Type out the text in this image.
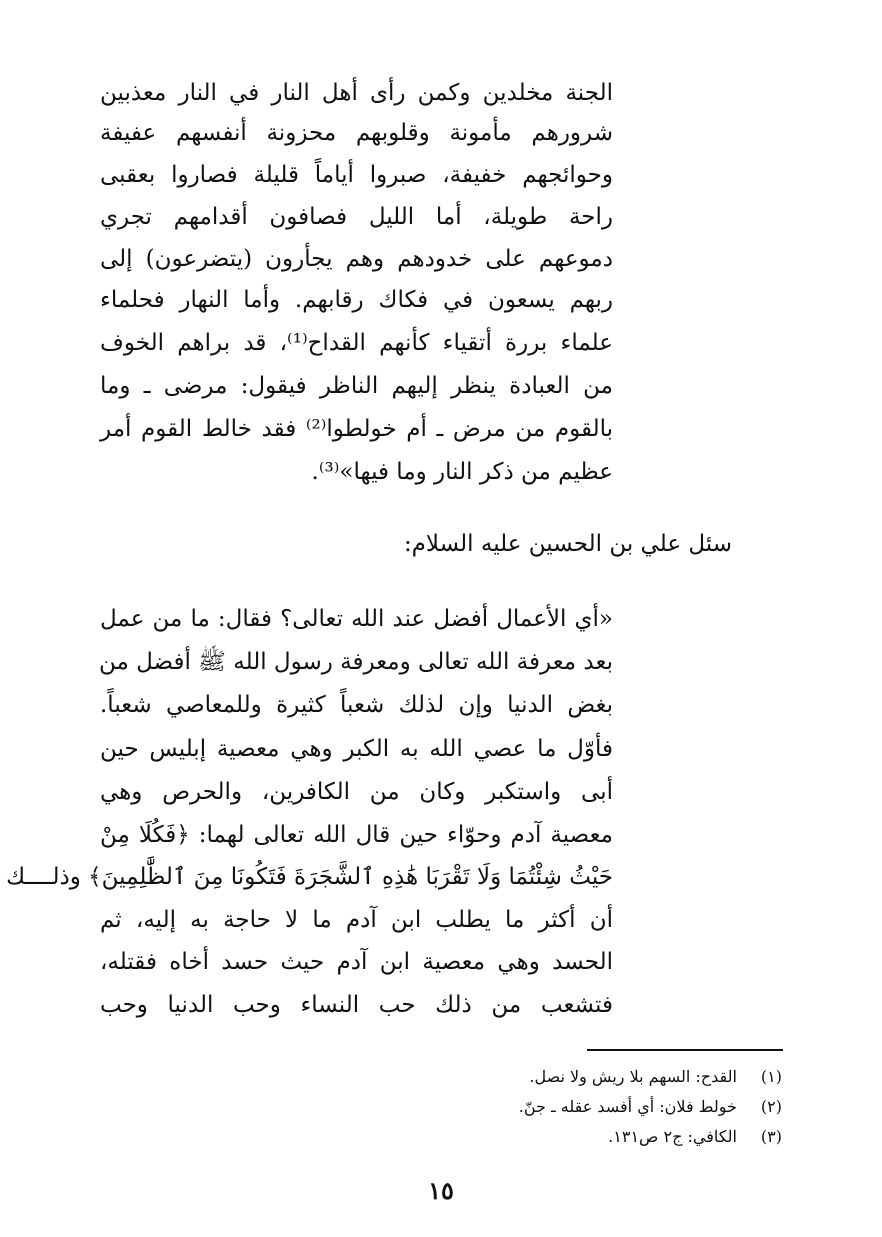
الجنة مخلدين وكمن رأى أهل النار في النار معذبين
شرورهم مأمونة وقلوبهم محزونة أنفسهم عفيفة
وحوائجهم خفيفة، صبروا أياماً قليلة فصاروا بعقبى
راحة طويلة، أما الليل فصافون أقدامهم تجري
دموعهم على خدودهم وهم يجأرون (يتضرعون) إلى
ربهم يسعون في فكاك رقابهم. وأما النهار فحلماء
علماء بررة أتقياء كأنهم القداح⁽¹⁾، قد براهم الخوف
من العبادة ينظر إليهم الناظر فيقول: مرضى ـ وما
بالقوم من مرض ـ أم خولطوا⁽²⁾ فقد خالط القوم أمر
عظيم من ذكر النار وما فيها»⁽³⁾.
سئل علي بن الحسين عليه السلام:
«أي الأعمال أفضل عند الله تعالى؟ فقال: ما من عمل
بعد معرفة الله تعالى ومعرفة رسول الله ﷺ أفضل من
بغض الدنيا وإن لذلك شعباً كثيرة وللمعاصي شعباً.
فأوّل ما عصي الله به الكبر وهي معصية إبليس حين
أبى واستكبر وكان من الكافرين، والحرص وهي
معصية آدم وحوّاء حين قال الله تعالى لهما: ﴿فَكُلَا مِنْ
حَيْثُ شِئْتُمَا وَلَا تَقْرَبَا هَٰذِهِ ٱلشَّجَرَةَ فَتَكُونَا مِنَ ٱلظَّٰلِمِينَ﴾ وذلــــك
أن أكثر ما يطلب ابن آدم ما لا حاجة به إليه، ثم
الحسد وهي معصية ابن آدم حيث حسد أخاه فقتله،
فتشعب من ذلك حب النساء وحب الدنيا وحب
(١) القدح: السهم بلا ريش ولا نصل.
(٢) خولط فلان: أي أفسد عقله ـ جنّ.
(٣) الكافي: ج٢ ص١٣١.
١٥
